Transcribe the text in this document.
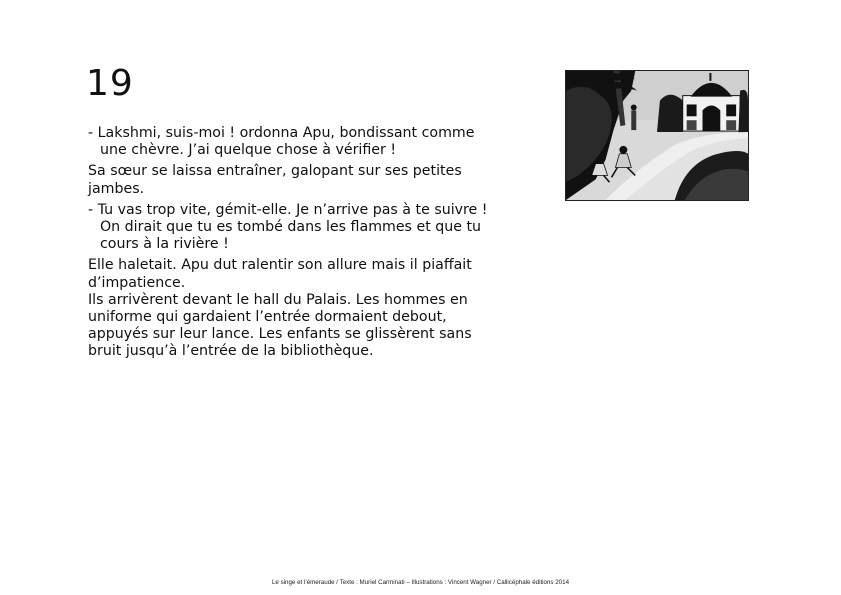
19

- Lakshmi, suis-moi ! ordonna Apu, bondissant comme une chèvre. J’ai quelque chose à vérifier !

Sa sœur se laissa entraîner, galopant sur ses petites jambes.

- Tu vas trop vite, gémit-elle. Je n’arrive pas à te suivre ! On dirait que tu es tombé dans les flammes et que tu cours à la rivière !

Elle haletait. Apu dut ralentir son allure mais il piaffait d’impatience.

Ils arrivèrent devant le hall du Palais. Les hommes en uniforme qui gardaient l’entrée dormaient debout, appuyés sur leur lance. Les enfants se glissèrent sans bruit jusqu’à l’entrée de la bibliothèque.

Le singe et l’émeraude / Texte : Muriel Carminati – Illustrations : Vincent Wagner / Callicéphale éditions 2014
